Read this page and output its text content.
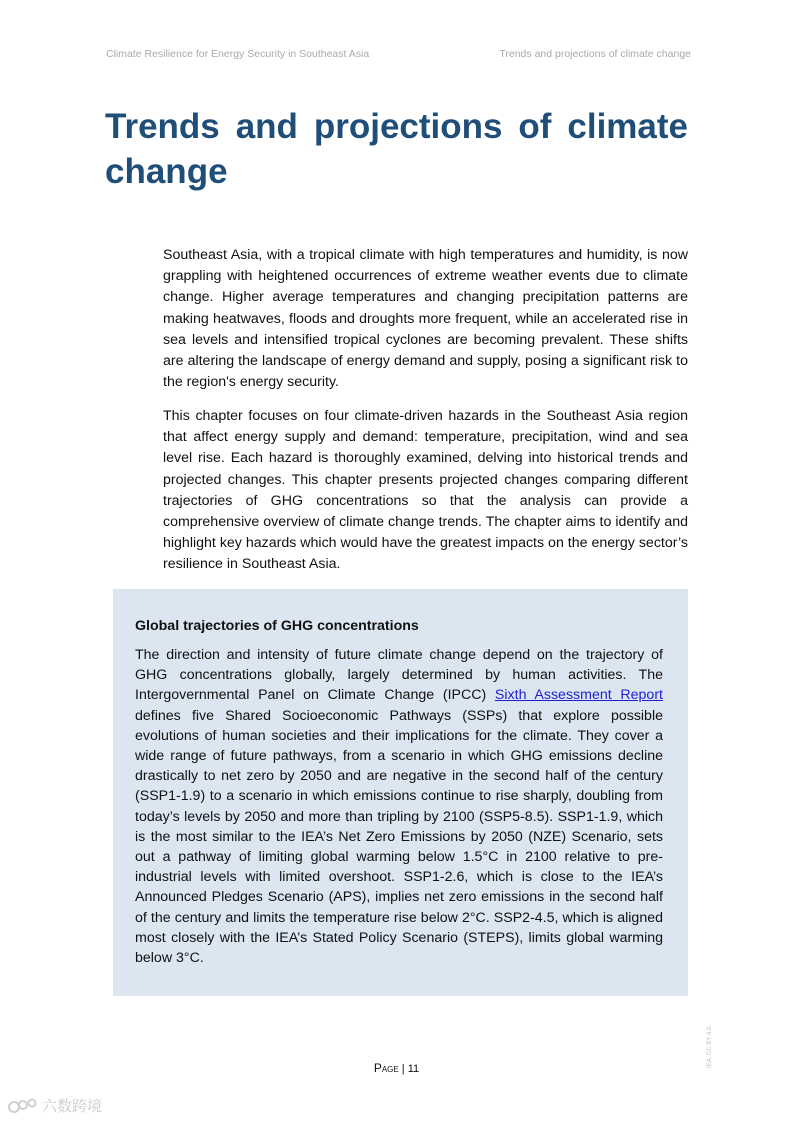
Climate Resilience for Energy Security in Southeast Asia	Trends and projections of climate change
Trends and projections of climate change

Southeast Asia, with a tropical climate with high temperatures and humidity, is now grappling with heightened occurrences of extreme weather events due to climate change. Higher average temperatures and changing precipitation patterns are making heatwaves, floods and droughts more frequent, while an accelerated rise in sea levels and intensified tropical cyclones are becoming prevalent. These shifts are altering the landscape of energy demand and supply, posing a significant risk to the region's energy security.

This chapter focuses on four climate-driven hazards in the Southeast Asia region that affect energy supply and demand: temperature, precipitation, wind and sea level rise. Each hazard is thoroughly examined, delving into historical trends and projected changes. This chapter presents projected changes comparing different trajectories of GHG concentrations so that the analysis can provide a comprehensive overview of climate change trends. The chapter aims to identify and highlight key hazards which would have the greatest impacts on the energy sector’s resilience in Southeast Asia.

Global trajectories of GHG concentrations

The direction and intensity of future climate change depend on the trajectory of GHG concentrations globally, largely determined by human activities. The Intergovernmental Panel on Climate Change (IPCC) Sixth Assessment Report defines five Shared Socioeconomic Pathways (SSPs) that explore possible evolutions of human societies and their implications for the climate. They cover a wide range of future pathways, from a scenario in which GHG emissions decline drastically to net zero by 2050 and are negative in the second half of the century (SSP1-1.9) to a scenario in which emissions continue to rise sharply, doubling from today’s levels by 2050 and more than tripling by 2100 (SSP5-8.5). SSP1-1.9, which is the most similar to the IEA’s Net Zero Emissions by 2050 (NZE) Scenario, sets out a pathway of limiting global warming below 1.5°C in 2100 relative to pre-industrial levels with limited overshoot. SSP1-2.6, which is close to the IEA’s Announced Pledges Scenario (APS), implies net zero emissions in the second half of the century and limits the temperature rise below 2°C. SSP2-4.5, which is aligned most closely with the IEA’s Stated Policy Scenario (STEPS), limits global warming below 3°C.

Page | 11
IEA. CC BY 4.0.
六数跨境
